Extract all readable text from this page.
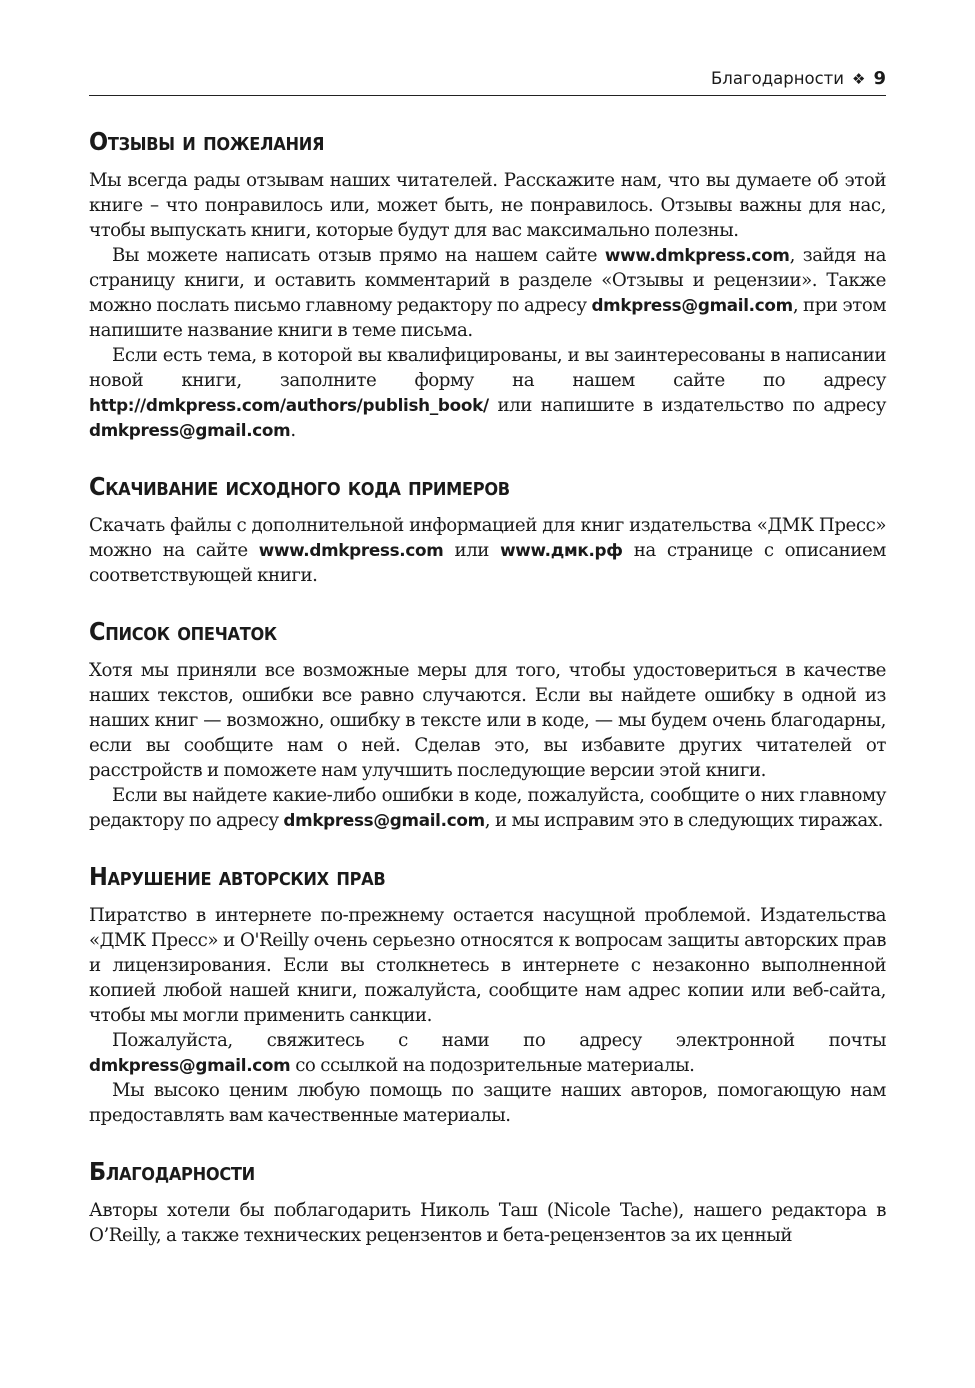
Благодарности ❖ 9
Отзывы и пожелания

Мы всегда рады отзывам наших читателей. Расскажите нам, что вы думаете об этой книге – что понравилось или, может быть, не понравилось. Отзывы важны для нас, чтобы выпускать книги, которые будут для вас максимально полезны.

Вы можете написать отзыв прямо на нашем сайте www.dmkpress.com, зайдя на страницу книги, и оставить комментарий в разделе «Отзывы и рецензии». Также можно послать письмо главному редактору по адресу dmkpress@gmail.com, при этом напишите название книги в теме письма.

Если есть тема, в которой вы квалифицированы, и вы заинтересованы в написании новой книги, заполните форму на нашем сайте по адресу http://dmkpress.com/authors/publish_book/ или напишите в издательство по адресу dmkpress@gmail.com.

Скачивание исходного кода примеров

Скачать файлы с дополнительной информацией для книг издательства «ДМК Пресс» можно на сайте www.dmkpress.com или www.дмк.рф на странице с описанием соответствующей книги.

Список опечаток

Хотя мы приняли все возможные меры для того, чтобы удостовериться в качестве наших текстов, ошибки все равно случаются. Если вы найдете ошибку в одной из наших книг — возможно, ошибку в тексте или в коде, — мы будем очень благодарны, если вы сообщите нам о ней. Сделав это, вы избавите других читателей от расстройств и поможете нам улучшить последующие версии этой книги.

Если вы найдете какие-либо ошибки в коде, пожалуйста, сообщите о них главному редактору по адресу dmkpress@gmail.com, и мы исправим это в следующих тиражах.

Нарушение авторских прав

Пиратство в интернете по-прежнему остается насущной проблемой. Издательства «ДМК Пресс» и O'Reilly очень серьезно относятся к вопросам защиты авторских прав и лицензирования. Если вы столкнетесь в интернете с незаконно выполненной копией любой нашей книги, пожалуйста, сообщите нам адрес копии или веб-сайта, чтобы мы могли применить санкции.

Пожалуйста, свяжитесь с нами по адресу электронной почты dmkpress@gmail.com со ссылкой на подозрительные материалы.

Мы высоко ценим любую помощь по защите наших авторов, помогающую нам предоставлять вам качественные материалы.

Благодарности

Авторы хотели бы поблагодарить Николь Таш (Nicole Tache), нашего редактора в O’Reilly, а также технических рецензентов и бета-рецензентов за их ценный
